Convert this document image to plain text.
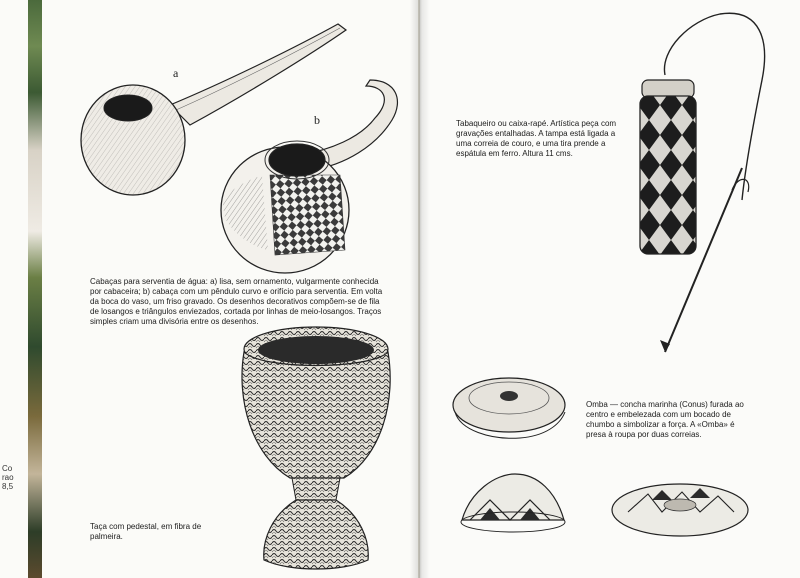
a
b
Cabaças para serventia de água: a) lisa, sem ornamento, vulgarmente conhecida por cabaceira; b) cabaça com um pêndulo curvo e orifício para serventia. Em volta da boca do vaso, um friso gravado. Os desenhos decorativos compõem-se de fila de losangos e triângulos enviezados, cortada por linhas de meio-losangos. Traços simples criam uma divisória entre os desenhos.
Taça com pedestal, em fibra de palmeira.
Tabaqueiro ou caixa-rapé. Artística peça com gravações entalhadas. A tampa está ligada a uma correia de couro, e uma tira prende a espátula em ferro. Altura 11 cms.
Omba — concha marinha (Conus) furada ao centro e embelezada com um bocado de chumbo a simbolizar a força. A «Omba» é presa à roupa por duas correias.
Co
rao
8,5
